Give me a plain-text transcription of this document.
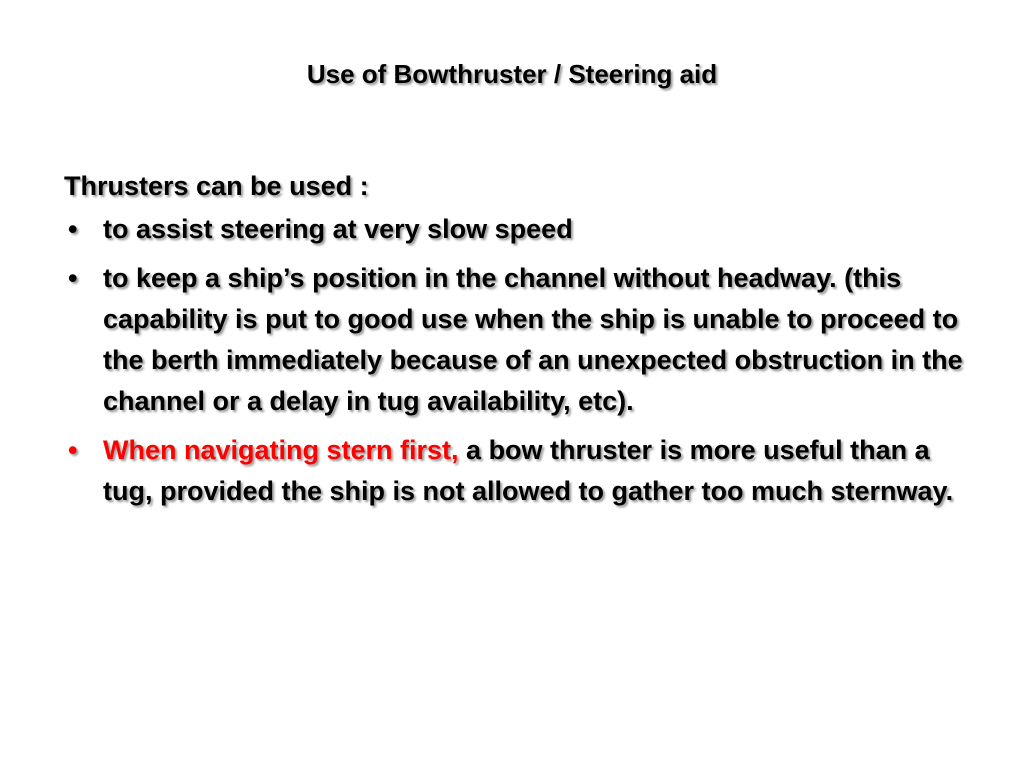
Use of Bowthruster / Steering aid
Thrusters can be used :
• to assist steering at very slow speed
• to keep a ship’s position in the channel without headway. (this capability is put to good use when the ship is unable to proceed to the berth immediately because of an unexpected obstruction in the channel or a delay in tug availability, etc).
• When navigating stern first, a bow thruster is more useful than a tug, provided the ship is not allowed to gather too much sternway.
